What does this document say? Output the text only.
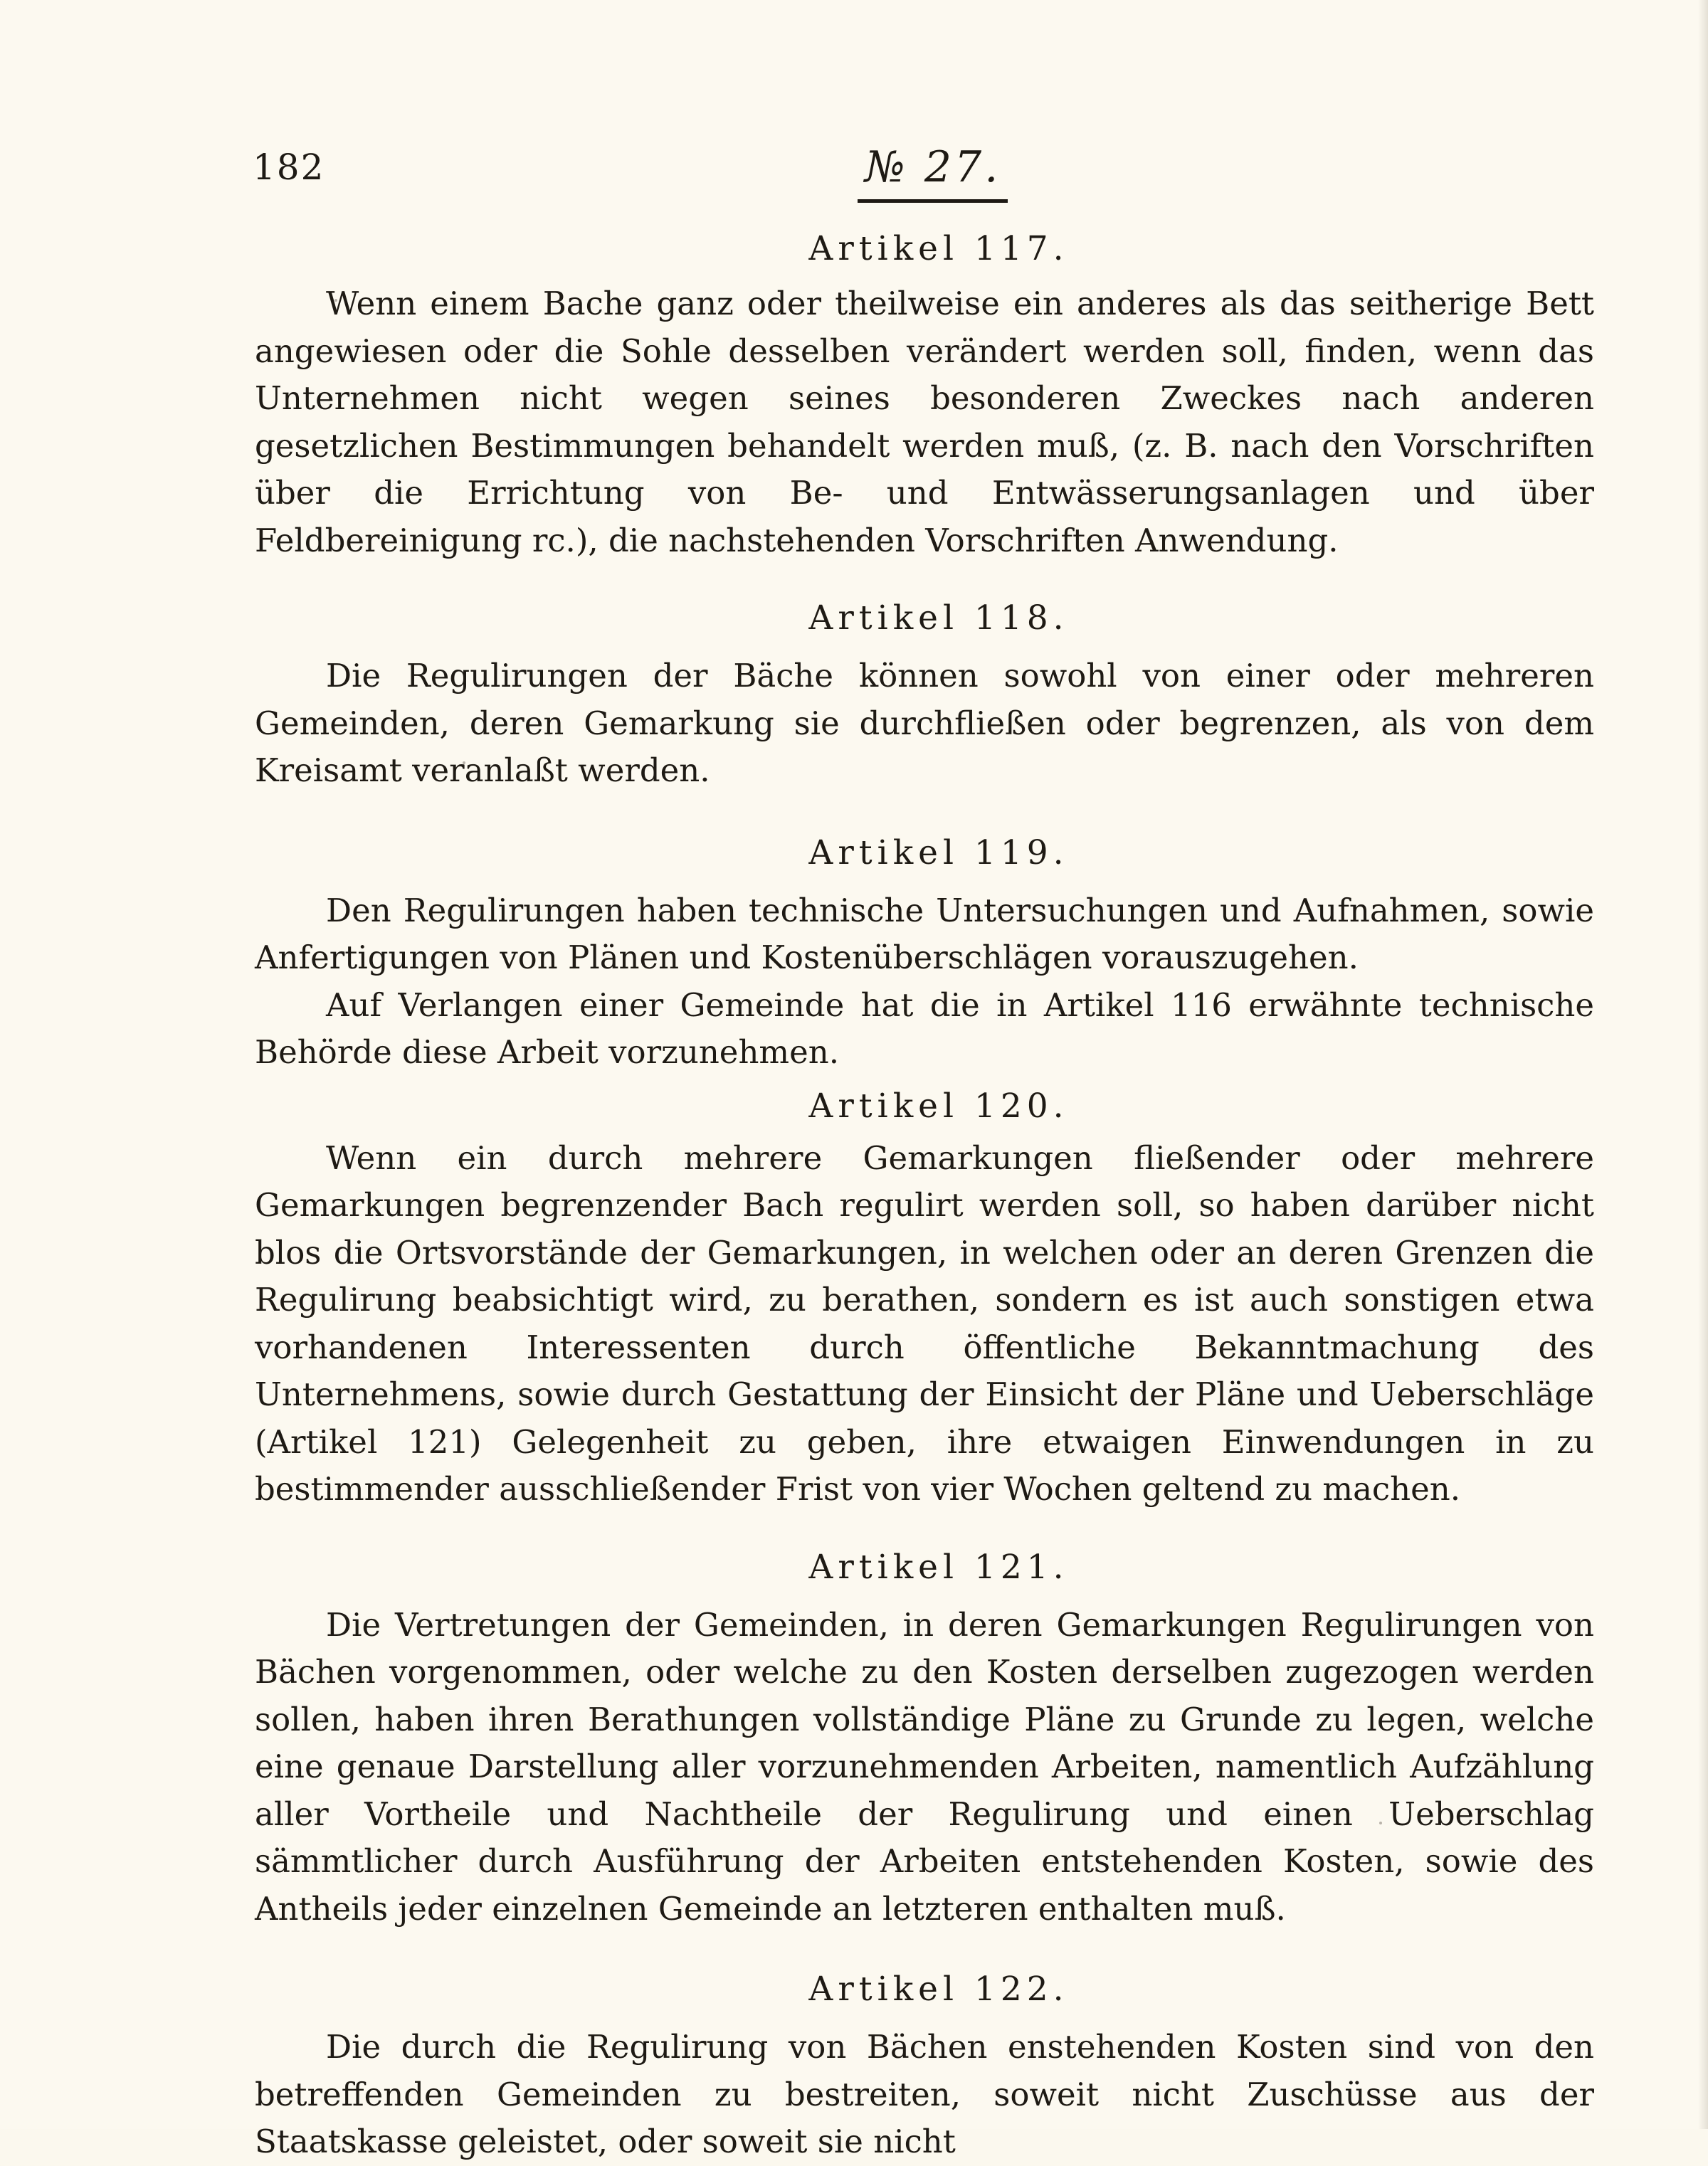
182	№ 27.
Artikel 117.

Wenn einem Bache ganz oder theilweise ein anderes als das seitherige Bett angewiesen oder die Sohle desselben verändert werden soll, finden, wenn das Unternehmen nicht wegen seines besonderen Zweckes nach anderen gesetzlichen Bestimmungen behandelt werden muß, (z. B. nach den Vorschriften über die Errichtung von Be- und Entwässerungsanlagen und über Feldbereinigung rc.), die nachstehenden Vorschriften Anwendung.

Artikel 118.

Die Regulirungen der Bäche können sowohl von einer oder mehreren Gemeinden, deren Gemarkung sie durchfließen oder begrenzen, als von dem Kreisamt veranlaßt werden.

Artikel 119.

Den Regulirungen haben technische Untersuchungen und Aufnahmen, sowie Anfertigungen von Plänen und Kostenüberschlägen vorauszugehen.

Auf Verlangen einer Gemeinde hat die in Artikel 116 erwähnte technische Behörde diese Arbeit vorzunehmen.

Artikel 120.

Wenn ein durch mehrere Gemarkungen fließender oder mehrere Gemarkungen begrenzender Bach regulirt werden soll, so haben darüber nicht blos die Ortsvorstände der Gemarkungen, in welchen oder an deren Grenzen die Regulirung beabsichtigt wird, zu berathen, sondern es ist auch sonstigen etwa vorhandenen Interessenten durch öffentliche Bekanntmachung des Unternehmens, sowie durch Gestattung der Einsicht der Pläne und Ueberschläge (Artikel 121) Gelegenheit zu geben, ihre etwaigen Einwendungen in zu bestimmender ausschließender Frist von vier Wochen geltend zu machen.

Artikel 121.

Die Vertretungen der Gemeinden, in deren Gemarkungen Regulirungen von Bächen vorgenommen, oder welche zu den Kosten derselben zugezogen werden sollen, haben ihren Berathungen vollständige Pläne zu Grunde zu legen, welche eine genaue Darstellung aller vorzunehmenden Arbeiten, namentlich Aufzählung aller Vortheile und Nachtheile der Regulirung und einen Ueberschlag sämmtlicher durch Ausführung der Arbeiten entstehenden Kosten, sowie des Antheils jeder einzelnen Gemeinde an letzteren enthalten muß.

Artikel 122.

Die durch die Regulirung von Bächen enstehenden Kosten sind von den betreffenden Gemeinden zu bestreiten, soweit nicht Zuschüsse aus der Staatskasse geleistet, oder soweit sie nicht
